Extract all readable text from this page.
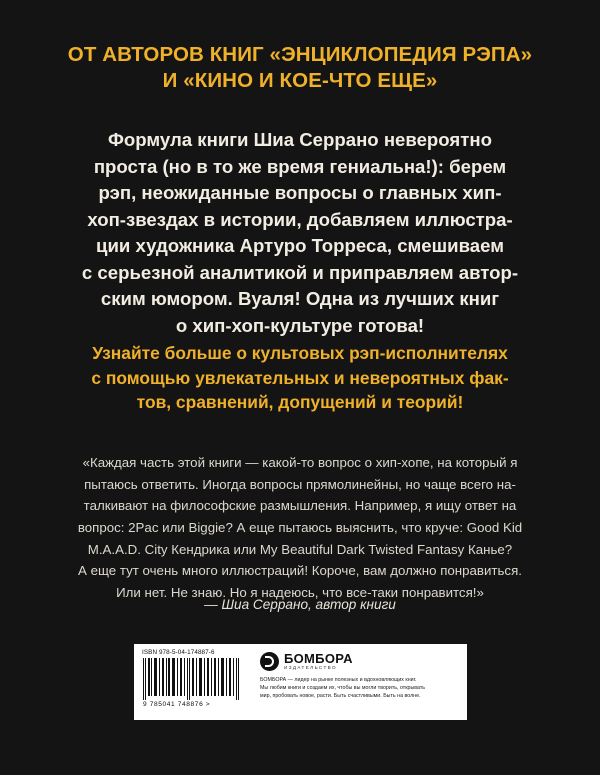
ОТ АВТОРОВ КНИГ «ЭНЦИКЛОПЕДИЯ РЭПА»
И «КИНО И КОЕ-ЧТО ЕЩЕ»
Формула книги Шиа Серрано невероятно
проста (но в то же время гениальна!): берем
рэп, неожиданные вопросы о главных хип-
хоп-звездах в истории, добавляем иллюстра-
ции художника Артуро Торреса, смешиваем
с серьезной аналитикой и приправляем автор-
ским юмором. Вуаля! Одна из лучших книг
о хип-хоп-культуре готова!
Узнайте больше о культовых рэп-исполнителях
с помощью увлекательных и невероятных фак-
тов, сравнений, допущений и теорий!
«Каждая часть этой книги — какой-то вопрос о хип-хопе, на который я
пытаюсь ответить. Иногда вопросы прямолинейны, но чаще всего на-
талкивают на философские размышления. Например, я ищу ответ на
вопрос: 2Pac или Biggie? А еще пытаюсь выяснить, что круче: Good Kid
M.A.A.D. City Кендрика или My Beautiful Dark Twisted Fantasy Канье?
А еще тут очень много иллюстраций! Короче, вам должно понравиться.
Или нет. Не знаю. Но я надеюсь, что все-таки понравится!»
— Шиа Серрано, автор книги
ISBN 978-5-04-174887-6
9 785041 748876 >
БОМБОРА
ИЗДАТЕЛЬСТВО
БОМБОРА — лидер на рынке полезных и вдохновляющих книг.
Мы любим книги и создаем их, чтобы вы могли творить, открывать
мир, пробовать новое, расти. Быть счастливыми. Быть на волне.
